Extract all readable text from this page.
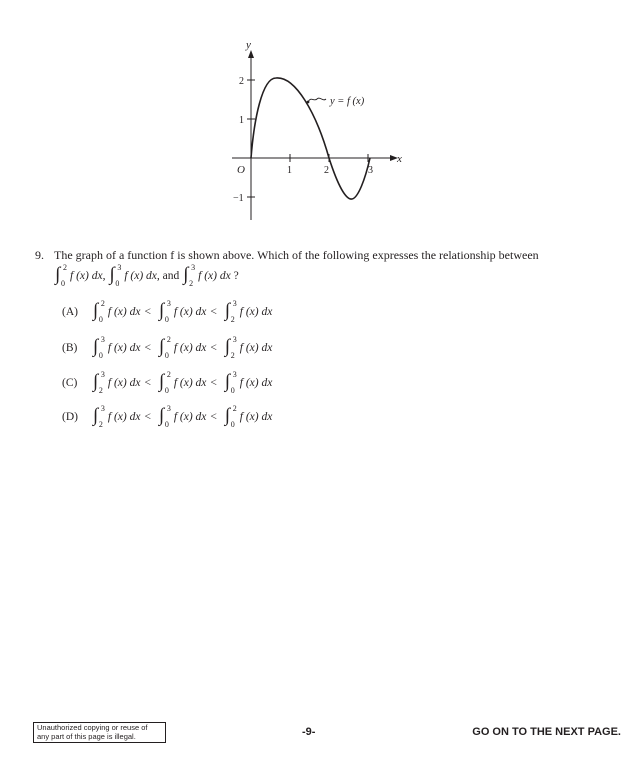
x
y
O	1	2	3
2
1
−1
y = f (x)
9. The graph of a function f is shown above. Which of the following expresses the relationship between
∫ 2
0
f (x) dx, ∫ 3
0
f (x) dx, and ∫ 3
2
f (x) dx ?
(A) ∫ 2
0
f (x) dx < ∫ 3
0
f (x) dx < ∫ 3
2
f (x) dx
(B) ∫ 3
0
f (x) dx < ∫ 2
0
f (x) dx < ∫ 3
2
f (x) dx
(C) ∫ 3
2
f (x) dx < ∫ 2
0
f (x) dx < ∫ 3
0
f (x) dx
(D) ∫ 3
2
f (x) dx < ∫ 3
0
f (x) dx < ∫ 2
0
f (x) dx
Unauthorized copying or reuse of
any part of this page is illegal.	-9-	GO ON TO THE NEXT PAGE.
